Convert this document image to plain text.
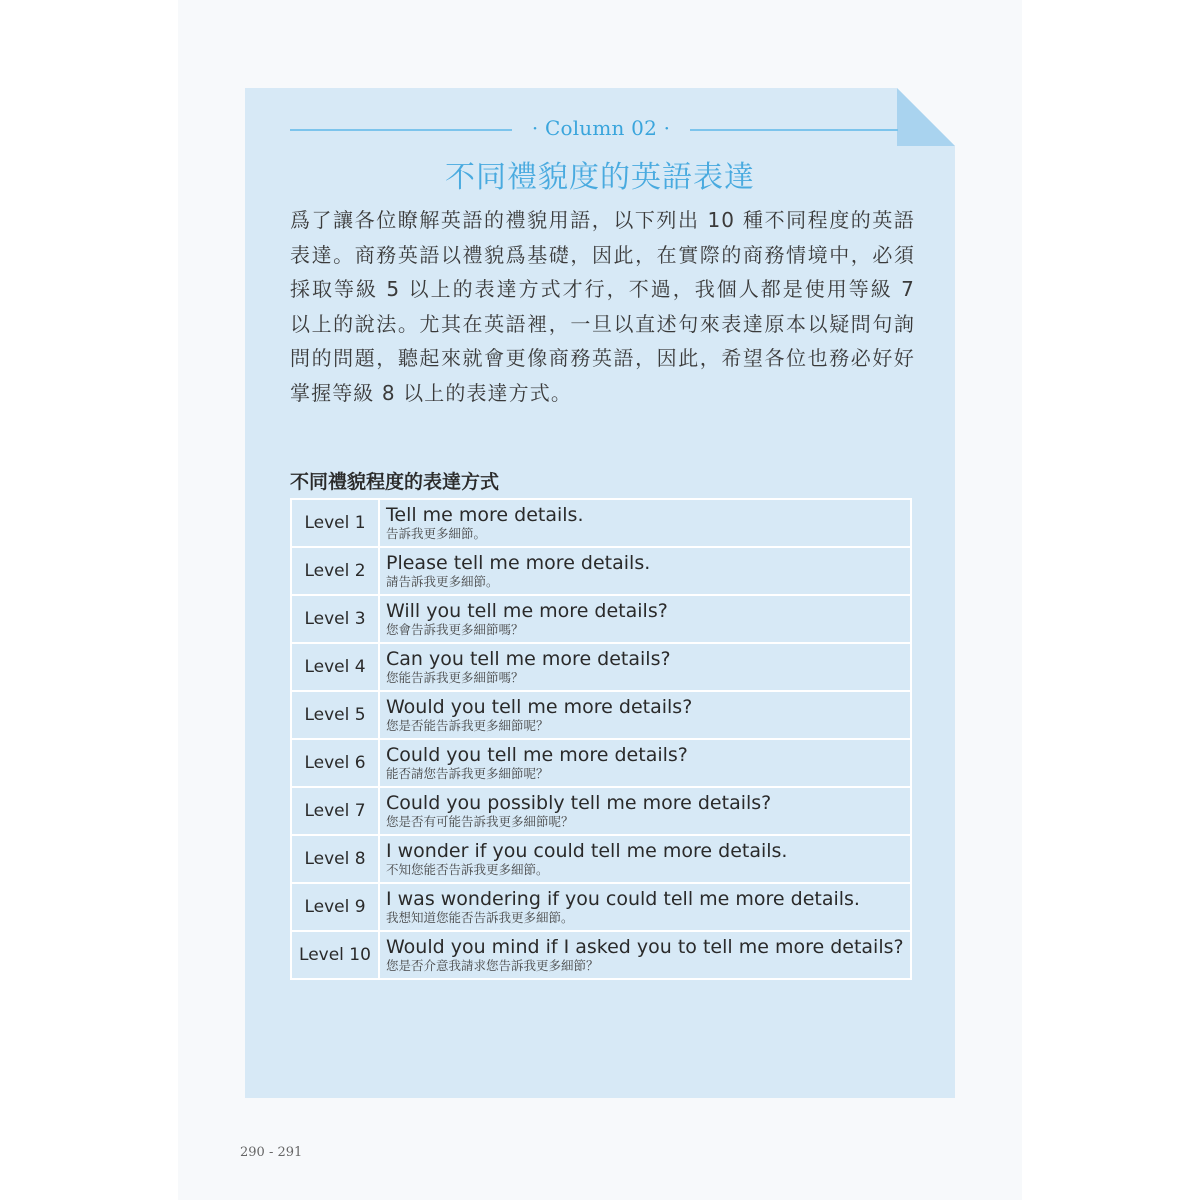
· Column 02 ·
不同禮貌度的英語表達

爲了讓各位瞭解英語的禮貌用語，以下列出 10 種不同程度的英語表達。商務英語以禮貌爲基礎，因此，在實際的商務情境中，必須採取等級 5 以上的表達方式才行，不過，我個人都是使用等級 7 以上的說法。尤其在英語裡，一旦以直述句來表達原本以疑問句詢問的問題，聽起來就會更像商務英語，因此，希望各位也務必好好掌握等級 8 以上的表達方式。

不同禮貌程度的表達方式
Level 1	Tell me more details.
告訴我更多細節。

Level 2	Please tell me more details.
請告訴我更多細節。

Level 3	Will you tell me more details?
您會告訴我更多細節嗎？

Level 4	Can you tell me more details?
您能告訴我更多細節嗎？

Level 5	Would you tell me more details?
您是否能告訴我更多細節呢？

Level 6	Could you tell me more details?
能否請您告訴我更多細節呢？

Level 7	Could you possibly tell me more details?
您是否有可能告訴我更多細節呢？

Level 8	I wonder if you could tell me more details.
不知您能否告訴我更多細節。

Level 9	I was wondering if you could tell me more details.
我想知道您能否告訴我更多細節。

Level 10	Would you mind if I asked you to tell me more details?
您是否介意我請求您告訴我更多細節？
290 - 291
